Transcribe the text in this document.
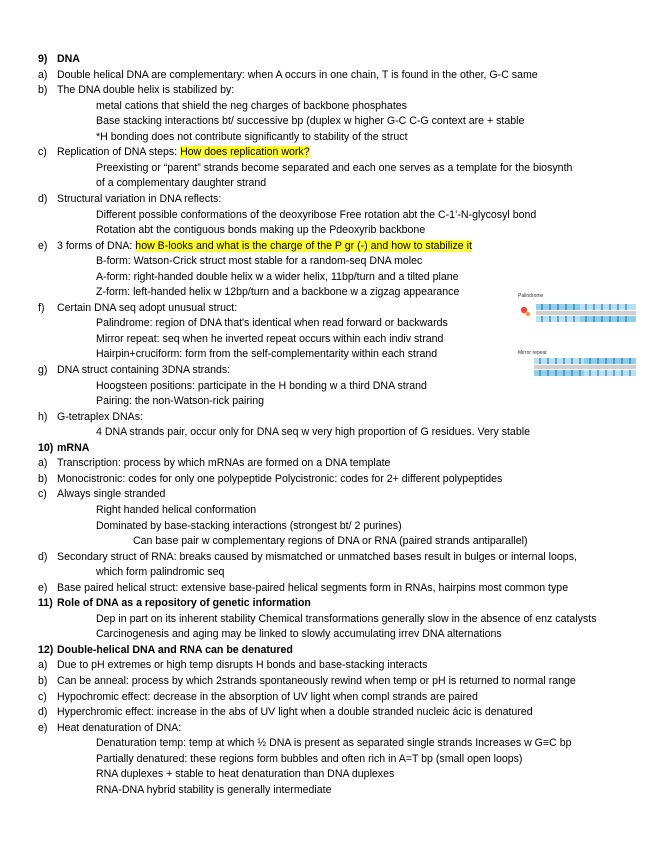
9) DNA
a) Double helical DNA are complementary: when A occurs in one chain, T is found in the other, G-C same
b) The DNA double helix is stabilized by:
metal cations that shield the neg charges of backbone phosphates
Base stacking interactions bt/ successive bp (duplex w higher G-C C-G context are + stable
*H bonding does not contribute significantly to stability of the struct
c) Replication of DNA steps: How does replication work?
Preexisting or “parent” strands become separated and each one serves as a template for the biosynth
of a complementary daughter strand
d) Structural variation in DNA reflects:
Different possible conformations of the deoxyribose Free rotation abt the C-1’-N-glycosyl bond
Rotation abt the contiguous bonds making up the Pdeoxyrib backbone
e) 3 forms of DNA: how B-looks and what is the charge of the P gr (-) and how to stabilize it
B-form: Watson-Crick struct most stable for a random-seq DNA molec
A-form: right-handed double helix w a wider helix, 11bp/turn and a tilted plane
Z-form: left-handed helix w 12bp/turn and a backbone w a zigzag appearance
f) Certain DNA seq adopt unusual struct:
Palindrome: region of DNA that's identical when read forward or backwards
Mirror repeat: seq when he inverted repeat occurs within each indiv strand
Hairpin+cruciform: form from the self-complementarity within each strand
g) DNA struct containing 3DNA strands:
Hoogsteen positions: participate in the H bonding w a third DNA strand
Pairing: the non-Watson-rick pairing
h) G-tetraplex DNAs:
4 DNA strands pair, occur only for DNA seq w very high proportion of G residues. Very stable
10) mRNA
a) Transcription: process by which mRNAs are formed on a DNA template
b) Monocistronic: codes for only one polypeptide Polycistronic: codes for 2+ different polypeptides
c) Always single stranded
Right handed helical conformation
Dominated by base-stacking interactions (strongest bt/ 2 purines)
Can base pair w complementary regions of DNA or RNA (paired strands antiparallel)
d) Secondary struct of RNA: breaks caused by mismatched or unmatched bases result in bulges or internal loops,
which form palindromic seq
e) Base paired helical struct: extensive base-paired helical segments form in RNAs, hairpins most common type
11) Role of DNA as a repository of genetic information
Dep in part on its inherent stability Chemical transformations generally slow in the absence of enz catalysts
Carcinogenesis and aging may be linked to slowly accumulating irrev DNA alternations
12) Double-helical DNA and RNA can be denatured
a) Due to pH extremes or high temp disrupts H bonds and base-stacking interacts
b) Can be anneal: process by which 2strands spontaneously rewind when temp or pH is returned to normal range
c) Hypochromic effect: decrease in the absorption of UV light when compl strands are paired
d) Hyperchromic effect: increase in the abs of UV light when a double stranded nucleic ácic is denatured
e) Heat denaturation of DNA:
Denaturation temp: temp at which ½ DNA is present as separated single strands Increases w G≡C bp
Partially denatured: these regions form bubbles and often rich in A=T bp (small open loops)
RNA duplexes + stable to heat denaturation than DNA duplexes
RNA-DNA hybrid stability is generally intermediate
Palindrome
Mirror repeat
